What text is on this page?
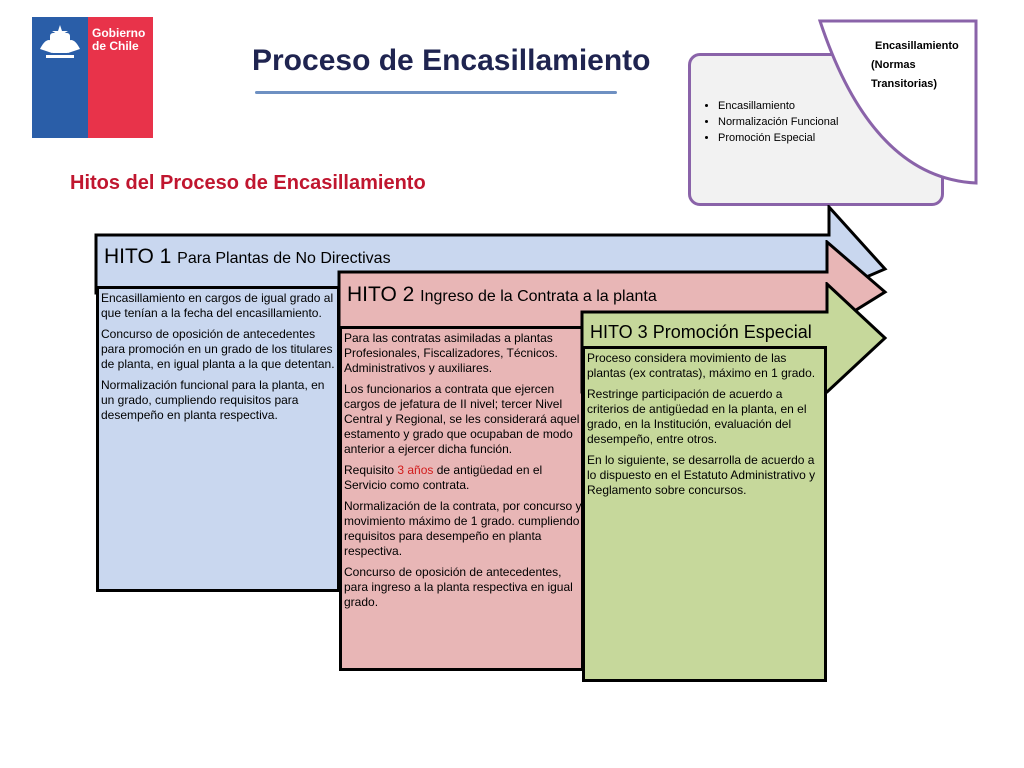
Gobierno
de Chile	Proceso de Encasillamiento
Hitos del Proceso de Encasillamiento
• Encasillamiento
• Normalización Funcional
• Promoción Especial
Encasillamiento
(Normas
Transitorias)
HITO 1 Para Plantas de No Directivas

Encasillamiento en cargos de igual grado al que tenían a la fecha del encasillamiento.

Concurso de oposición de antecedentes para promoción en un grado de los titulares de planta, en igual planta a la que detentan.

Normalización funcional para la planta, en un grado, cumpliendo requisitos para desempeño en planta respectiva.

HITO 2 Ingreso de la Contrata a la planta

Para las contratas asimiladas a plantas Profesionales, Fiscalizadores, Técnicos. Administrativos y auxiliares.

Los funcionarios a contrata que ejercen cargos de jefatura de II nivel; tercer Nivel Central y Regional, se les considerará aquel estamento y grado que ocupaban de modo anterior a ejercer dicha función.

Requisito 3 años de antigüedad en el Servicio como contrata.

Normalización de la contrata, por concurso y movimiento máximo de 1 grado. cumpliendo requisitos para desempeño en planta respectiva.

Concurso de oposición de antecedentes, para ingreso a la planta respectiva en igual grado.

HITO 3 Promoción Especial

Proceso considera movimiento de las plantas (ex contratas), máximo en 1 grado.

Restringe participación de acuerdo a criterios de antigüedad en la planta, en el grado, en la Institución, evaluación del desempeño, entre otros.

En lo siguiente, se desarrolla de acuerdo a lo dispuesto en el Estatuto Administrativo y Reglamento sobre concursos.
